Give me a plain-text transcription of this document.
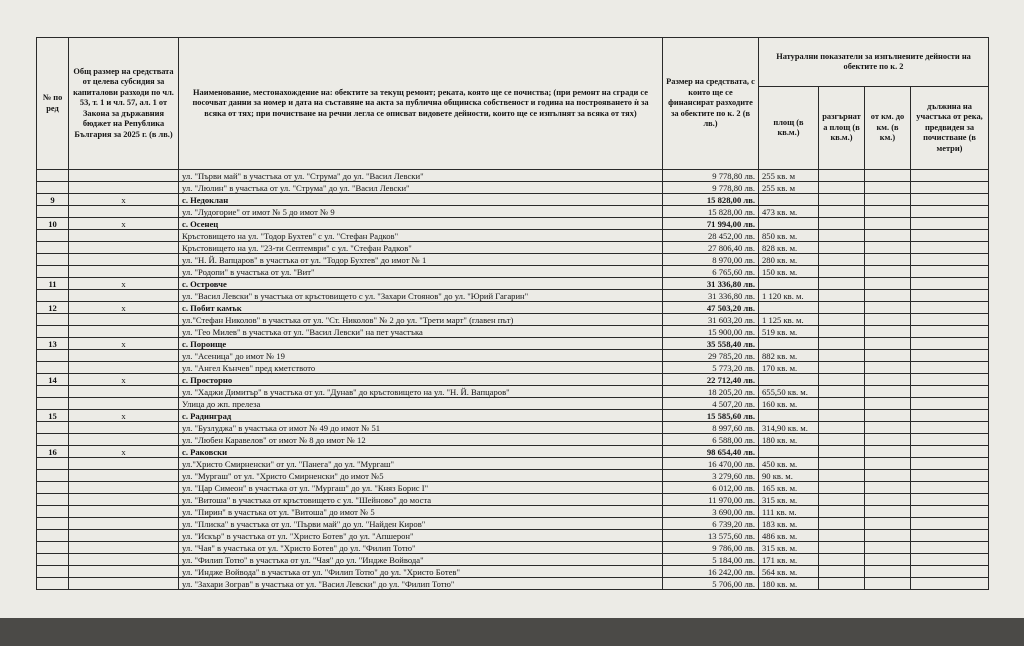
№ по ред	Общ размер на средствата от целева субсидия за капиталови разходи по чл. 53, т. 1 и чл. 57, ал. 1 от Закона за държавния бюджет на Република България за 2025 г. (в лв.)	Наименование, местонахождение на: обектите за текущ ремонт; реката, която ще се почиства; (при ремонт на сгради се посочват данни за номер и дата на съставяне на акта за публична общинска собственост и година на построяването ѝ за всяка от тях; при почистване на речни легла се описват видовете дейности, които ще се изпълнят за всяка от тях)	Размер на средствата, с които ще се финансират разходите за обектите по к. 2 (в лв.)	Натурални показатели за изпълнените дейности на обектите по к. 2			
				площ (в кв.м.)	разгърнат а площ (в кв.м.)	от км. до км. (в км.)	дължина на участъка от река, предвиден за почистване (в метри)
		ул. "Първи май" в участъка от ул. "Струма" до ул. "Васил Левски"	9 778,80 лв.	255 кв. м			
		ул. "Люлин" в участъка от ул. "Струма" до ул. "Васил Левски"	9 778,80 лв.	255 кв. м			
9	х	с. Недоклан	15 828,00 лв.				
		ул. "Лудогорие" от имот № 5 до имот № 9	15 828,00 лв.	473 кв. м.			
10	х	с. Осенец	71 994,00 лв.				
		Кръстовището на ул. "Тодор Бухтев" с ул. "Стефан Радков"	28 452,00 лв.	850 кв. м.			
		Кръстовището на ул. "23-ти Септември" с ул. "Стефан Радков"	27 806,40 лв.	828 кв. м.			
		ул. "Н. Й. Вапцаров" в участъка от ул. "Тодор Бухтев" до имот № 1	8 970,00 лв.	280 кв. м.			
		ул. "Родопи" в участъка от ул. "Вит"	6 765,60 лв.	150 кв. м.			
11	х	с. Островче	31 336,80 лв.				
		ул. "Васил Левски" в участъка от кръстовището с ул. "Захари Стоянов" до ул. "Юрий Гагарин"	31 336,80 лв.	1 120 кв. м.			
12	х	с. Побит камък	47 503,20 лв.				
		ул."Стефан Николов" в участъка от ул. "Ст. Николов" № 2 до ул. "Трети март" (главен път)	31 603,20 лв.	1 125 кв. м.			
		ул. "Гео Милев" в участъка от ул. "Васил Левски" на пет участъка	15 900,00 лв.	519 кв. м.			
13	х	с. Пороище	35 558,40 лв.				
		ул. "Асеница" до имот № 19	29 785,20 лв.	882 кв. м.			
		ул. "Ангел Кънчев" пред кметството	5 773,20 лв.	170 кв. м.			
14	х	с. Просторно	22 712,40 лв.				
		ул. "Хаджи Димитър" в участъка от ул. "Дунав" до кръстовището на ул. "Н. Й. Вапцаров"	18 205,20 лв.	655,50 кв. м.			
		Улица до жп. прелеза	4 507,20 лв.	160 кв. м.			
15	х	с. Радинград	15 585,60 лв.				
		ул. "Бузлуджа" в участъка от имот № 49 до имот № 51	8 997,60 лв.	314,90 кв. м.			
		ул. "Любен Каравелов" от имот № 8 до имот № 12	6 588,00 лв.	180 кв. м.			
16	х	с. Раковски	98 654,40 лв.				
		ул."Христо Смирненски" от ул. "Панега" до ул. "Мургаш"	16 470,00 лв.	450 кв. м.			
		ул. "Мургаш" от ул. "Христо Смирненски" до имот №5	3 279,60 лв.	90 кв. м.			
		ул. "Цар Симеон" в участъка от ул. "Мургаш" до ул. "Княз Борис I"	6 012,00 лв.	165 кв. м.			
		ул. "Витоша" в участъка от кръстовището с ул. "Шейново" до моста	11 970,00 лв.	315 кв. м.			
		ул. "Пирин" в участъка от ул. "Витоша" до имот № 5	3 690,00 лв.	111 кв. м.			
		ул. "Плиска" в участъка от ул. "Първи май" до ул. "Найден Киров"	6 739,20 лв.	183 кв. м.			
		ул. "Искър" в участъка от ул. "Христо Ботев" до ул. "Апшерон"	13 575,60 лв.	486 кв. м.			
		ул. "Чая" в участъка от ул. "Христо Ботев" до ул. "Филип Тотю"	9 786,00 лв.	315 кв. м.			
		ул. "Филип Тотю" в участъка от ул. "Чая" до ул. "Индже Войвода"	5 184,00 лв.	171 кв. м.			
		ул. "Индже Войвода" в участъка от ул. "Филип Тотю" до ул. "Христо Ботев"	16 242,00 лв.	564 кв. м.			
		ул. "Захари Зограв" в участъка от ул. "Васил Левски" до ул. "Филип Тотю"	5 706,00 лв.	180 кв. м.			
